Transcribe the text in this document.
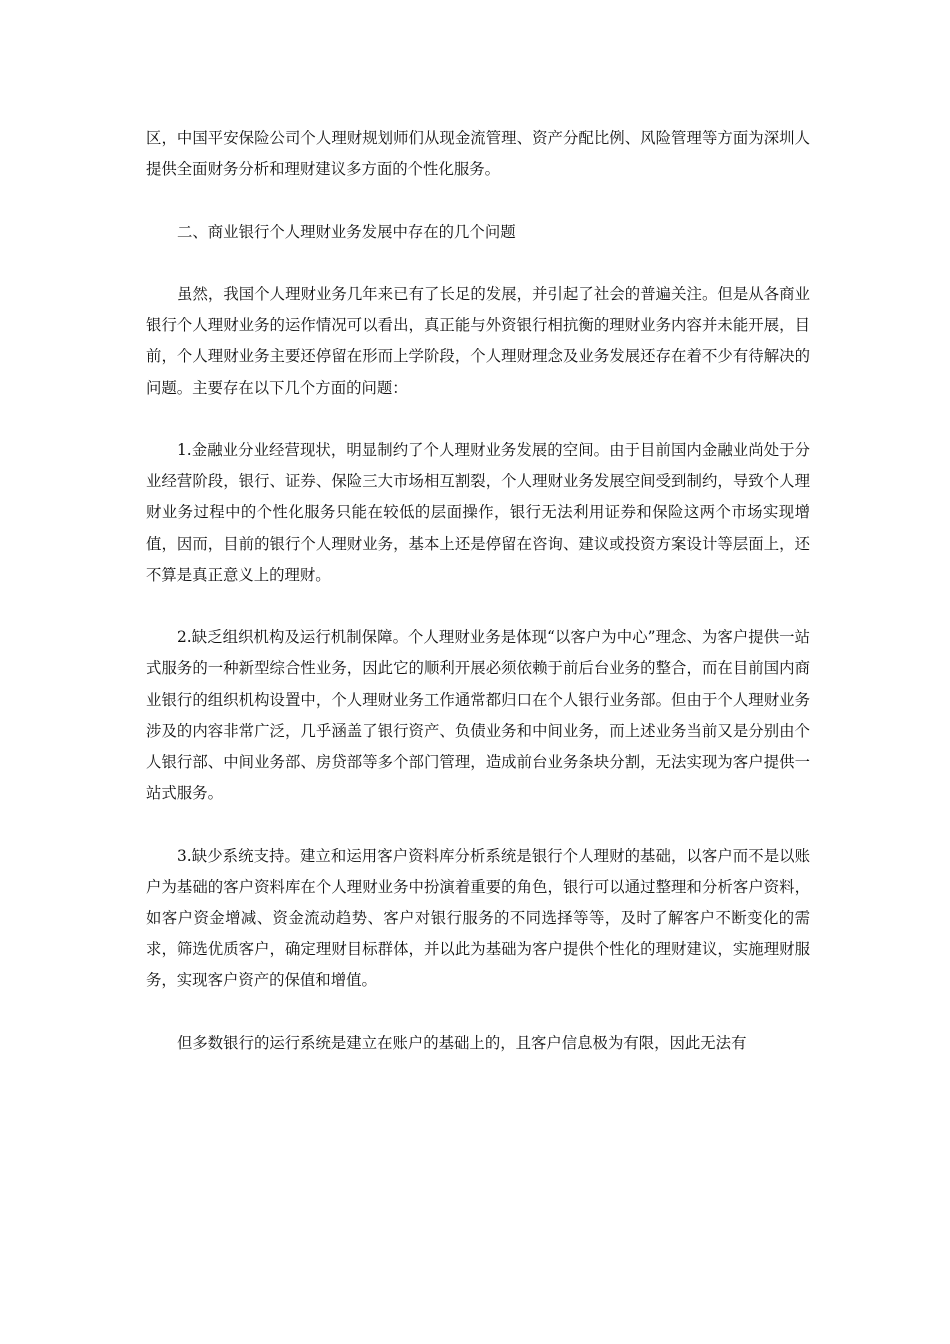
区，中国平安保险公司个人理财规划师们从现金流管理、资产分配比例、风险管理等方面为深圳人提供全面财务分析和理财建议多方面的个性化服务。

二、商业银行个人理财业务发展中存在的几个问题

虽然，我国个人理财业务几年来已有了长足的发展，并引起了社会的普遍关注。但是从各商业银行个人理财业务的运作情况可以看出，真正能与外资银行相抗衡的理财业务内容并未能开展，目前，个人理财业务主要还停留在形而上学阶段，个人理财理念及业务发展还存在着不少有待解决的问题。主要存在以下几个方面的问题：

1.金融业分业经营现状，明显制约了个人理财业务发展的空间。由于目前国内金融业尚处于分业经营阶段，银行、证券、保险三大市场相互割裂，个人理财业务发展空间受到制约，导致个人理财业务过程中的个性化服务只能在较低的层面操作，银行无法利用证券和保险这两个市场实现增值，因而，目前的银行个人理财业务，基本上还是停留在咨询、建议或投资方案设计等层面上，还不算是真正意义上的理财。

2.缺乏组织机构及运行机制保障。个人理财业务是体现“以客户为中心”理念、为客户提供一站式服务的一种新型综合性业务，因此它的顺利开展必须依赖于前后台业务的整合，而在目前国内商业银行的组织机构设置中，个人理财业务工作通常都归口在个人银行业务部。但由于个人理财业务涉及的内容非常广泛，几乎涵盖了银行资产、负债业务和中间业务，而上述业务当前又是分别由个人银行部、中间业务部、房贷部等多个部门管理，造成前台业务条块分割，无法实现为客户提供一站式服务。

3.缺少系统支持。建立和运用客户资料库分析系统是银行个人理财的基础，以客户而不是以账户为基础的客户资料库在个人理财业务中扮演着重要的角色，银行可以通过整理和分析客户资料，如客户资金增减、资金流动趋势、客户对银行服务的不同选择等等，及时了解客户不断变化的需求，筛选优质客户，确定理财目标群体，并以此为基础为客户提供个性化的理财建议，实施理财服务，实现客户资产的保值和增值。

但多数银行的运行系统是建立在账户的基础上的，且客户信息极为有限，因此无法有
